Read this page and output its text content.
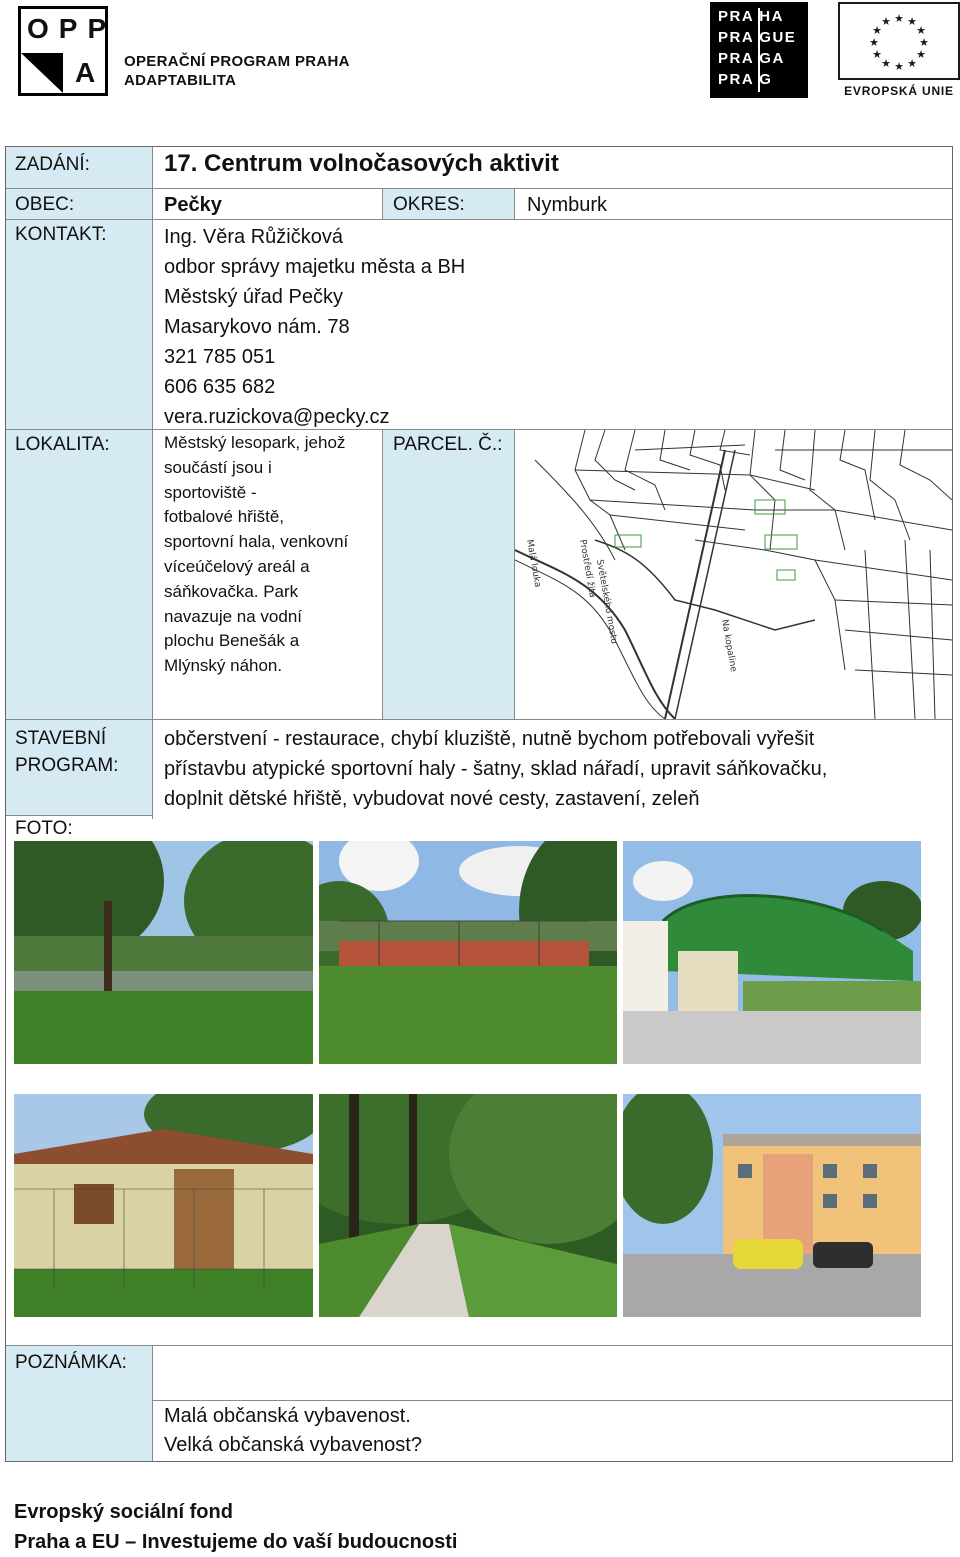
OPP
A OPERAČNÍ PROGRAM PRAHA
ADAPTABILITA
PRA HA
PRA GUE
PRA GA
PRA G
★ ★
★
★
★
★
★
★
★
★
★
★
EVROPSKÁ UNIE
ZADÁNÍ:	17. Centrum volnočasových aktivit
OBEC:	Pečky	OKRES:	Nymburk
KONTAKT:	Ing. Věra Růžičková
odbor správy majetku města a BH
Městský úřad Pečky
Masarykovo nám. 78
321 785 051
606 635 682
vera.ruzickova@pecky.cz
LOKALITA:	Městský lesopark, jehož
součástí jsou i
sportoviště -
fotbalové hřiště,
sportovní hala, venkovní
víceúčelový areál a
sáňkovačka. Park
navazuje na vodní
plochu Benešák a
Mlýnský náhon.
PARCEL. Č.:
Malá louka
Na kopaline
Prostředí žita
Světelského mostu
STAVEBNÍ
PROGRAM:
občerstvení - restaurace, chybí kluziště, nutně bychom potřebovali vyřešit
přístavbu atypické sportovní haly - šatny, sklad nářadí, upravit sáňkovačku,
doplnit dětské hřiště, vybudovat nové cesty, zastavení, zeleň
FOTO:
POZNÁMKA:
Malá občanská vybavenost.
Velká občanská vybavenost?
Evropský sociální fond
Praha a EU – Investujeme do vaší budoucnosti
